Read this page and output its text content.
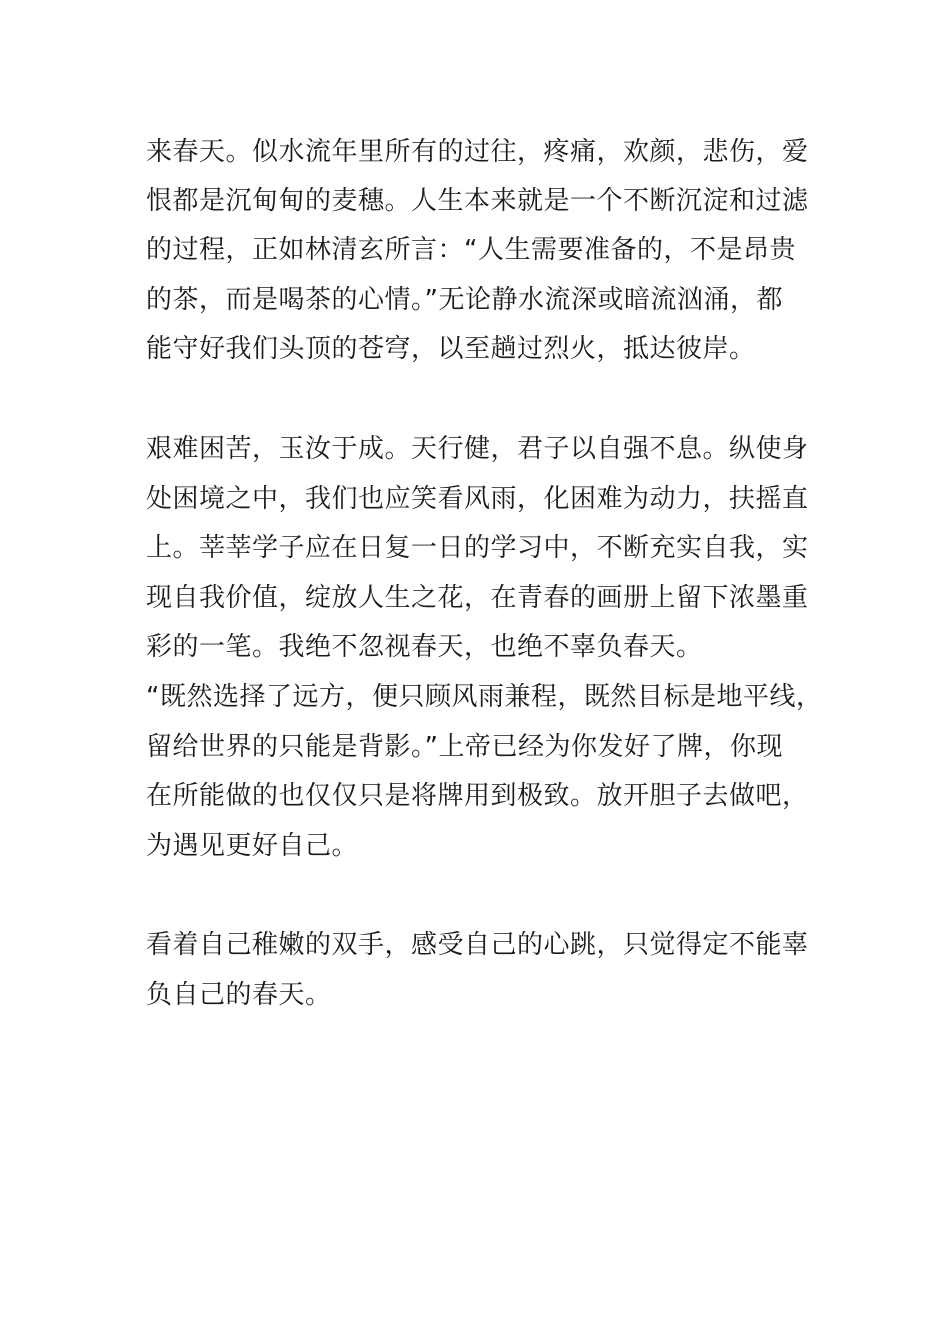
来春天。似水流年里所有的过往，疼痛，欢颜，悲伤，爱
恨都是沉甸甸的麦穗。人生本来就是一个不断沉淀和过滤
的过程，正如林清玄所言：“人生需要准备的，不是昂贵
的茶，而是喝茶的心情。”无论静水流深或暗流汹涌，都
能守好我们头顶的苍穹，以至趟过烈火，抵达彼岸。
艰难困苦，玉汝于成。天行健，君子以自强不息。纵使身
处困境之中，我们也应笑看风雨，化困难为动力，扶摇直
上。莘莘学子应在日复一日的学习中，不断充实自我，实
现自我价值，绽放人生之花，在青春的画册上留下浓墨重
彩的一笔。我绝不忽视春天，也绝不辜负春天。
“既然选择了远方，便只顾风雨兼程，既然目标是地平线，
留给世界的只能是背影。”上帝已经为你发好了牌，你现
在所能做的也仅仅只是将牌用到极致。放开胆子去做吧，
为遇见更好自己。
看着自己稚嫩的双手，感受自己的心跳，只觉得定不能辜
负自己的春天。
